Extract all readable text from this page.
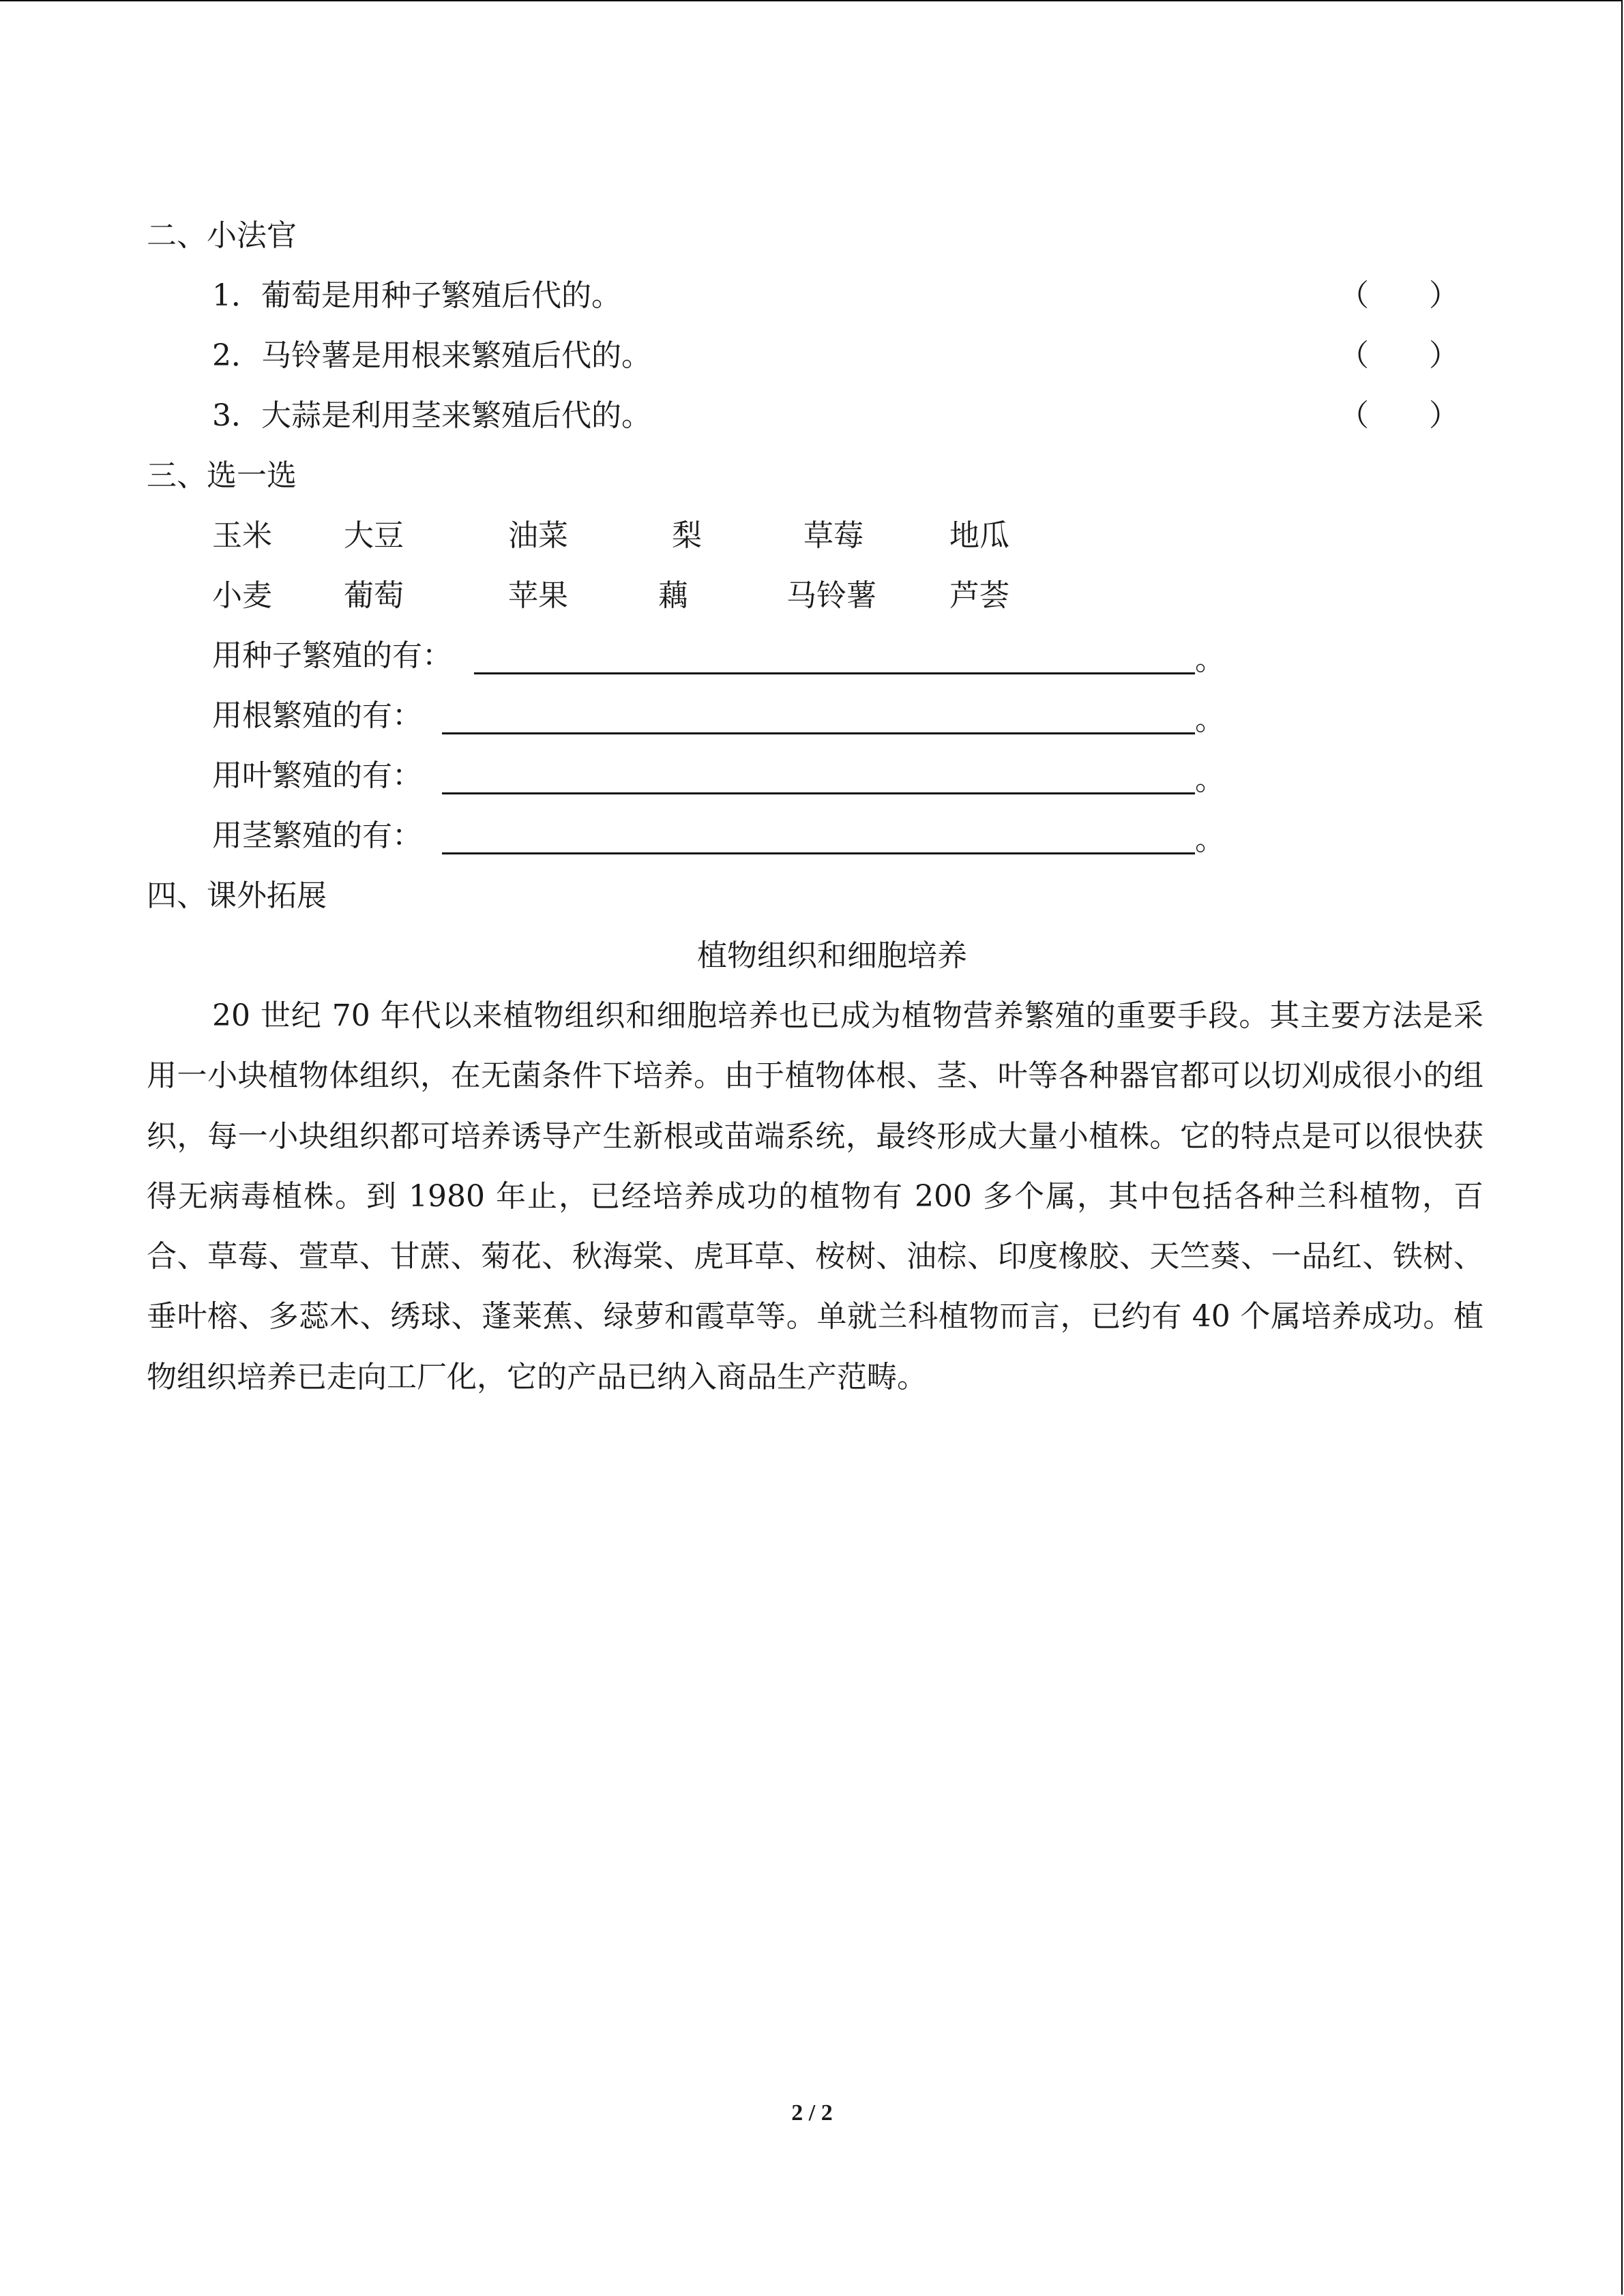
二、小法官
1．葡萄是用种子繁殖后代的。	（　　）
2．马铃薯是用根来繁殖后代的。	（　　）
3．大蒜是利用茎来繁殖后代的。	（　　）
三、选一选
玉米 大豆	油菜	梨	草莓	地瓜
小麦 葡萄	苹果	藕	马铃薯 芦荟
用种子繁殖的有：	。
用根繁殖的有：	。
用叶繁殖的有：	。
用茎繁殖的有：	。
四、课外拓展
植物组织和细胞培养

20 世纪 70 年代以来植物组织和细胞培养也已成为植物营养繁殖的重要手段。其主要方法是采用一小块植物体组织，在无菌条件下培养。由于植物体根、茎、叶等各种器官都可以切刈成很小的组织，每一小块组织都可培养诱导产生新根或苗端系统，最终形成大量小植株。它的特点是可以很快获得无病毒植株。到 1980 年止，已经培养成功的植物有 200 多个属，其中包括各种兰科植物，百合、草莓、萱草、甘蔗、菊花、秋海棠、虎耳草、桉树、油棕、印度橡胶、天竺葵、一品红、铁树、垂叶榕、多蕊木、绣球、蓬莱蕉、绿萝和霞草等。单就兰科植物而言，已约有 40 个属培养成功。植物组织培养已走向工厂化，它的产品已纳入商品生产范畴。

2 / 2
